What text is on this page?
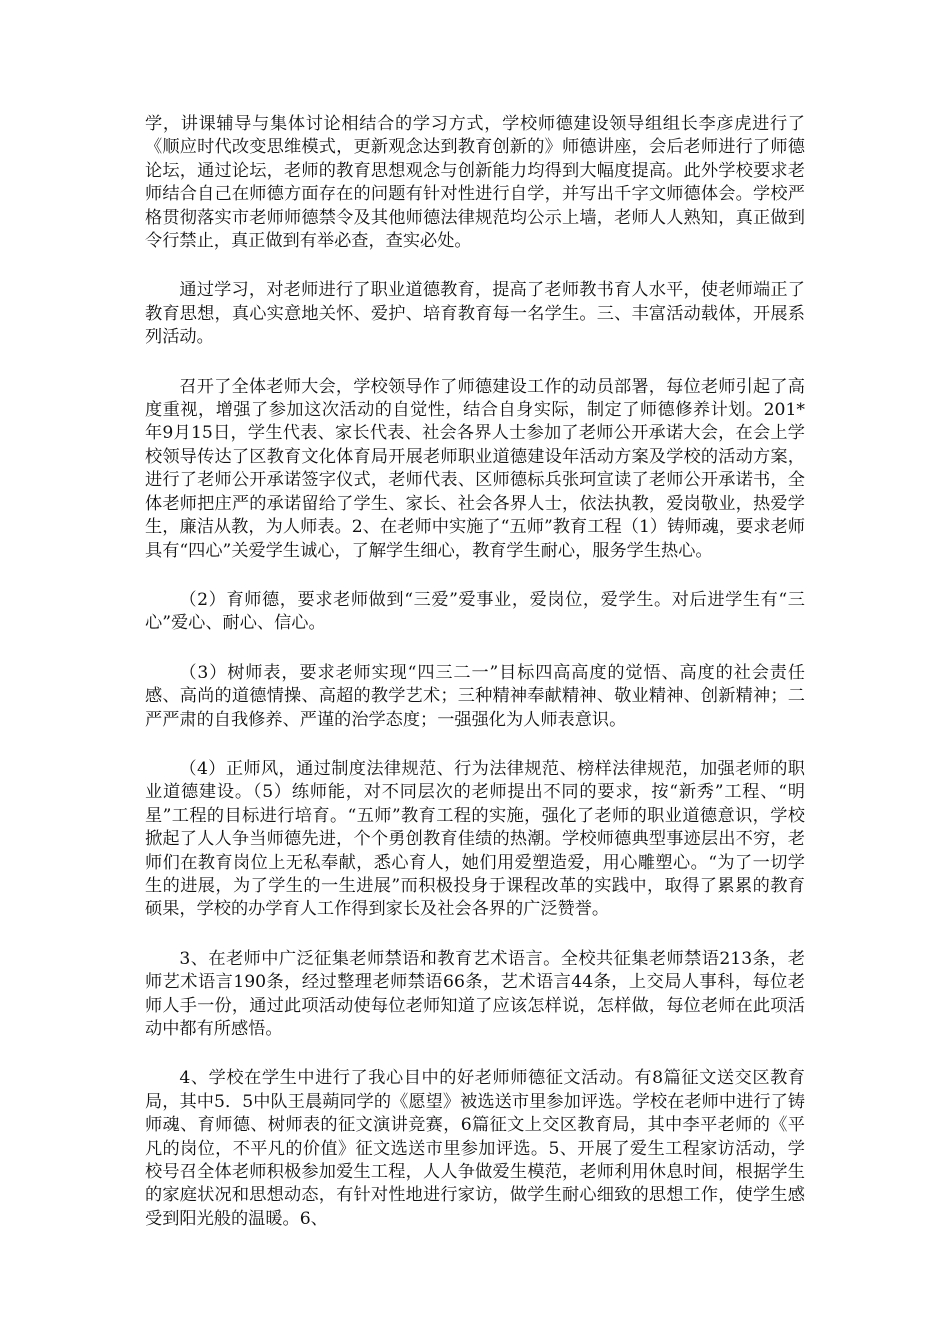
学，讲课辅导与集体讨论相结合的学习方式，学校师德建设领导组组长李彦虎进行了《顺应时代改变思维模式，更新观念达到教育创新的》师德讲座，会后老师进行了师德论坛，通过论坛，老师的教育思想观念与创新能力均得到大幅度提高。此外学校要求老师结合自己在师德方面存在的问题有针对性进行自学，并写出千字文师德体会。学校严格贯彻落实市老师师德禁令及其他师德法律规范均公示上墙，老师人人熟知，真正做到令行禁止，真正做到有举必查，查实必处。

通过学习，对老师进行了职业道德教育，提高了老师教书育人水平，使老师端正了教育思想，真心实意地关怀、爱护、培育教育每一名学生。三、丰富活动载体，开展系列活动。

召开了全体老师大会，学校领导作了师德建设工作的动员部署，每位老师引起了高度重视，增强了参加这次活动的自觉性，结合自身实际，制定了师德修养计划。201*年9月15日，学生代表、家长代表、社会各界人士参加了老师公开承诺大会，在会上学校领导传达了区教育文化体育局开展老师职业道德建设年活动方案及学校的活动方案，进行了老师公开承诺签字仪式，老师代表、区师德标兵张珂宣读了老师公开承诺书，全体老师把庄严的承诺留给了学生、家长、社会各界人士，依法执教，爱岗敬业，热爱学生，廉洁从教，为人师表。2、在老师中实施了“五师”教育工程（1）铸师魂，要求老师具有“四心”关爱学生诚心，了解学生细心，教育学生耐心，服务学生热心。

（2）育师德，要求老师做到“三爱”爱事业，爱岗位，爱学生。对后进学生有“三心”爱心、耐心、信心。

（3）树师表，要求老师实现“四三二一”目标四高高度的觉悟、高度的社会责任感、高尚的道德情操、高超的教学艺术；三种精神奉献精神、敬业精神、创新精神；二严严肃的自我修养、严谨的治学态度；一强强化为人师表意识。

（4）正师风，通过制度法律规范、行为法律规范、榜样法律规范，加强老师的职业道德建设。（5）练师能，对不同层次的老师提出不同的要求，按“新秀”工程、“明星”工程的目标进行培育。“五师”教育工程的实施，强化了老师的职业道德意识，学校掀起了人人争当师德先进，个个勇创教育佳绩的热潮。学校师德典型事迹层出不穷，老师们在教育岗位上无私奉献，悉心育人，她们用爱塑造爱，用心雕塑心。“为了一切学生的进展，为了学生的一生进展”而积极投身于课程改革的实践中，取得了累累的教育硕果，学校的办学育人工作得到家长及社会各界的广泛赞誉。

3、在老师中广泛征集老师禁语和教育艺术语言。全校共征集老师禁语213条，老师艺术语言190条，经过整理老师禁语66条，艺术语言44条，上交局人事科，每位老师人手一份，通过此项活动使每位老师知道了应该怎样说，怎样做，每位老师在此项活动中都有所感悟。

4、学校在学生中进行了我心目中的好老师师德征文活动。有8篇征文送交区教育局，其中5．5中队王晨蒴同学的《愿望》被选送市里参加评选。学校在老师中进行了铸师魂、育师德、树师表的征文演讲竞赛，6篇征文上交区教育局，其中李平老师的《平凡的岗位，不平凡的价值》征文选送市里参加评选。5、开展了爱生工程家访活动，学校号召全体老师积极参加爱生工程，人人争做爱生模范，老师利用休息时间，根据学生的家庭状况和思想动态，有针对性地进行家访，做学生耐心细致的思想工作，使学生感受到阳光般的温暖。6、
